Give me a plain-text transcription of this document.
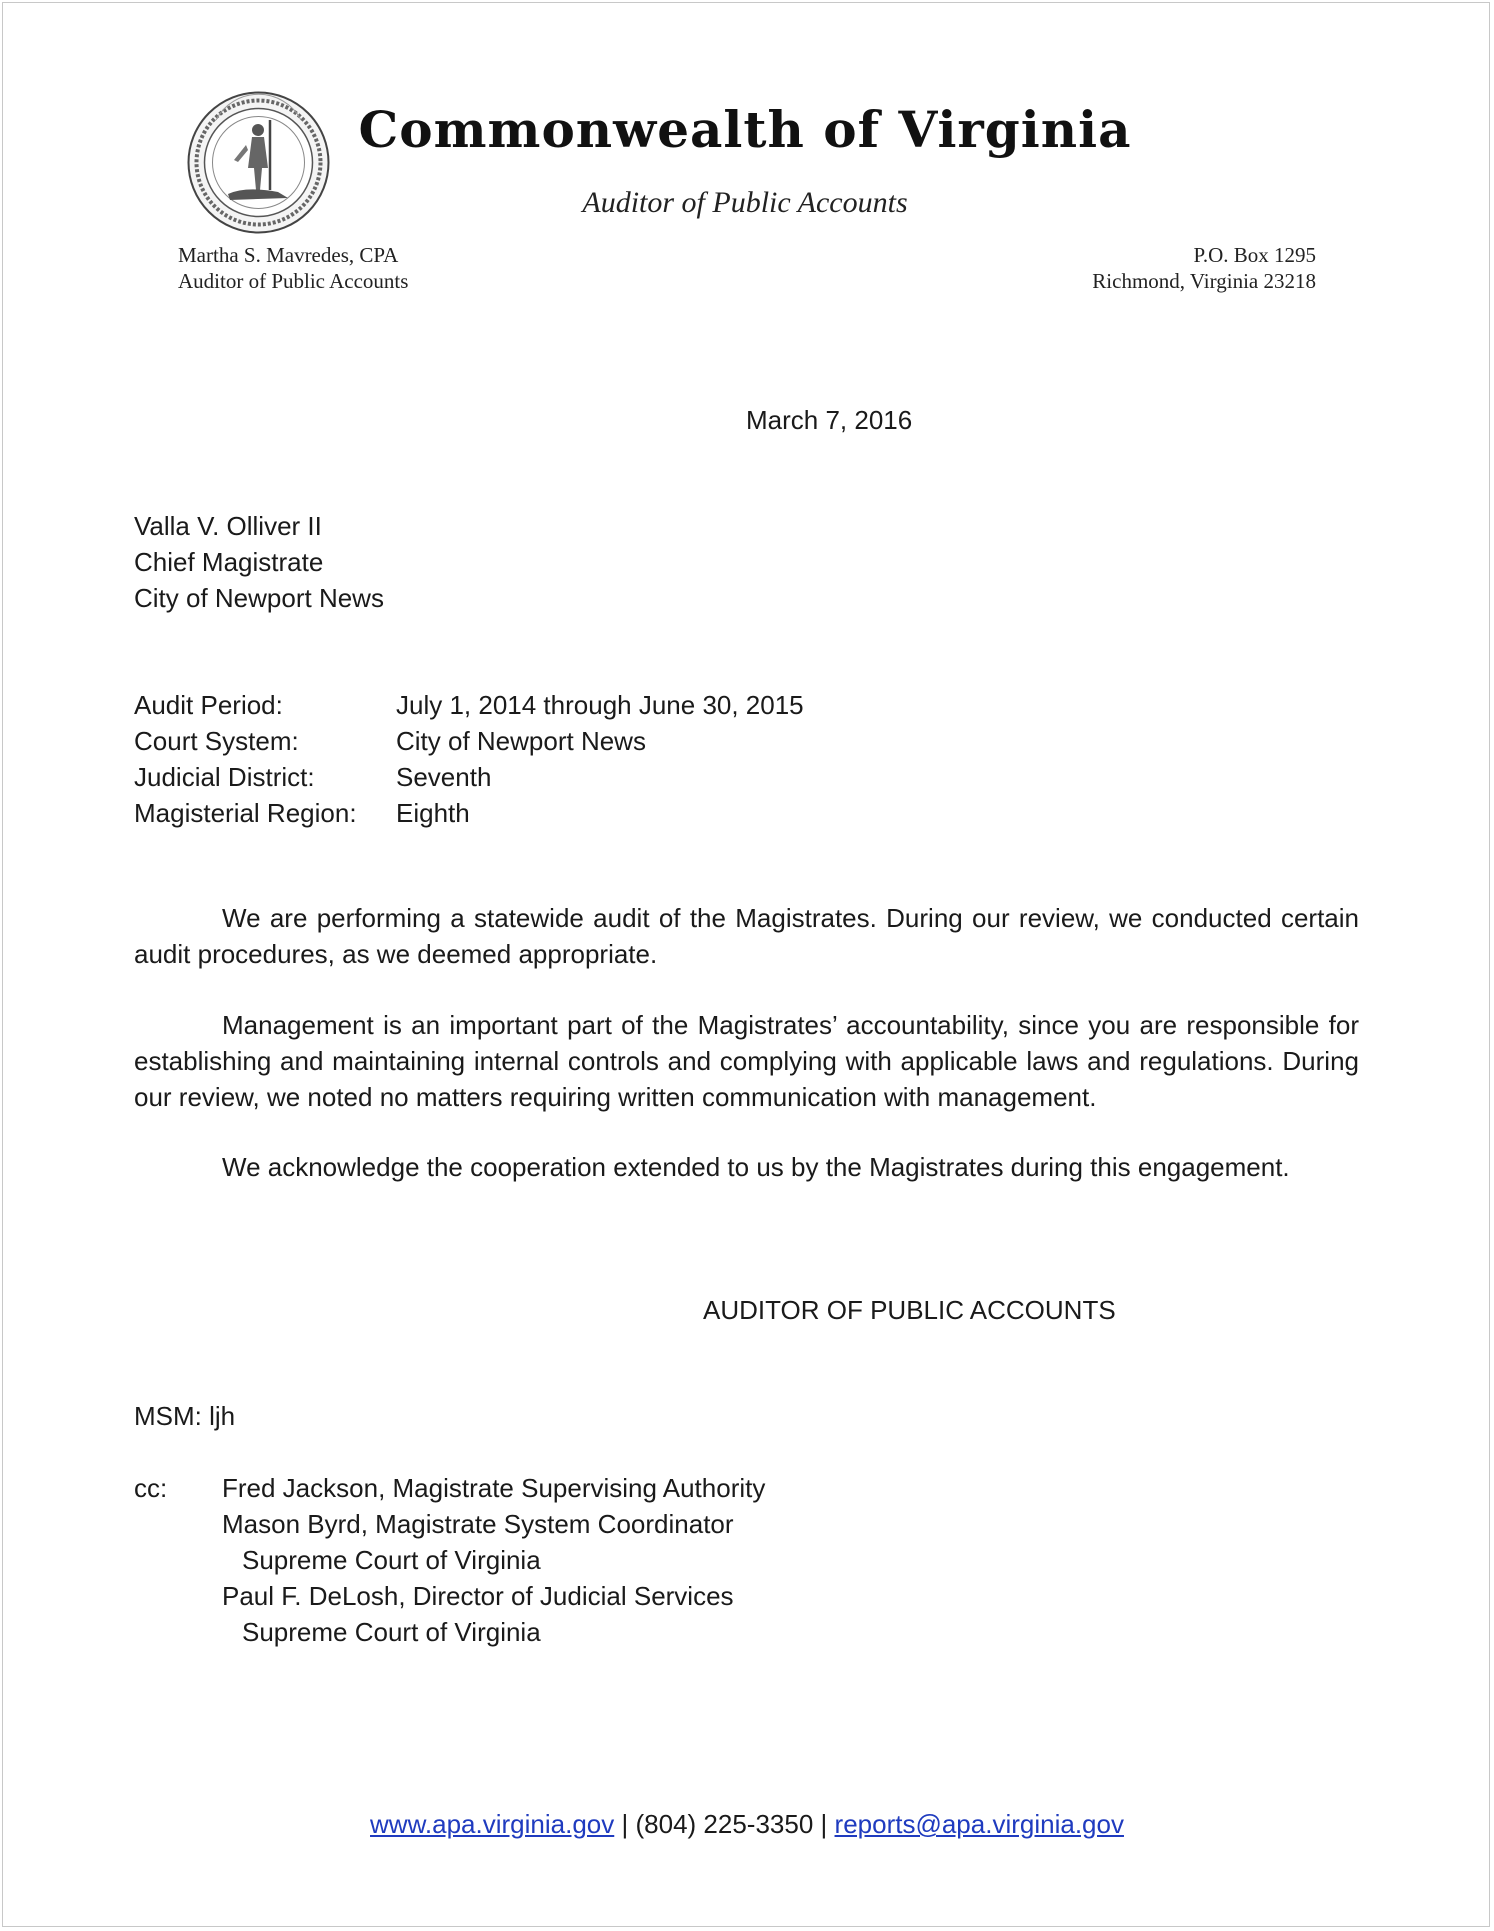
Commonwealth of Virginia
Auditor of Public Accounts
Martha S. Mavredes, CPA
Auditor of Public Accounts
P.O. Box 1295
Richmond, Virginia 23218
March 7, 2016
Valla V. Olliver II
Chief Magistrate
City of Newport News
Audit Period:	July 1, 2014 through June 30, 2015
Court System:	City of Newport News
Judicial District:	Seventh
Magisterial Region:	Eighth

We are performing a statewide audit of the Magistrates. During our review, we conducted certain audit procedures, as we deemed appropriate.

Management is an important part of the Magistrates’ accountability, since you are responsible for establishing and maintaining internal controls and complying with applicable laws and regulations. During our review, we noted no matters requiring written communication with management.

We acknowledge the cooperation extended to us by the Magistrates during this engagement.

AUDITOR OF PUBLIC ACCOUNTS
MSM: ljh
cc: Fred Jackson, Magistrate Supervising Authority
Mason Byrd, Magistrate System Coordinator
Supreme Court of Virginia
Paul F. DeLosh, Director of Judicial Services
Supreme Court of Virginia
www.apa.virginia.gov | (804) 225-3350 | reports@apa.virginia.gov
